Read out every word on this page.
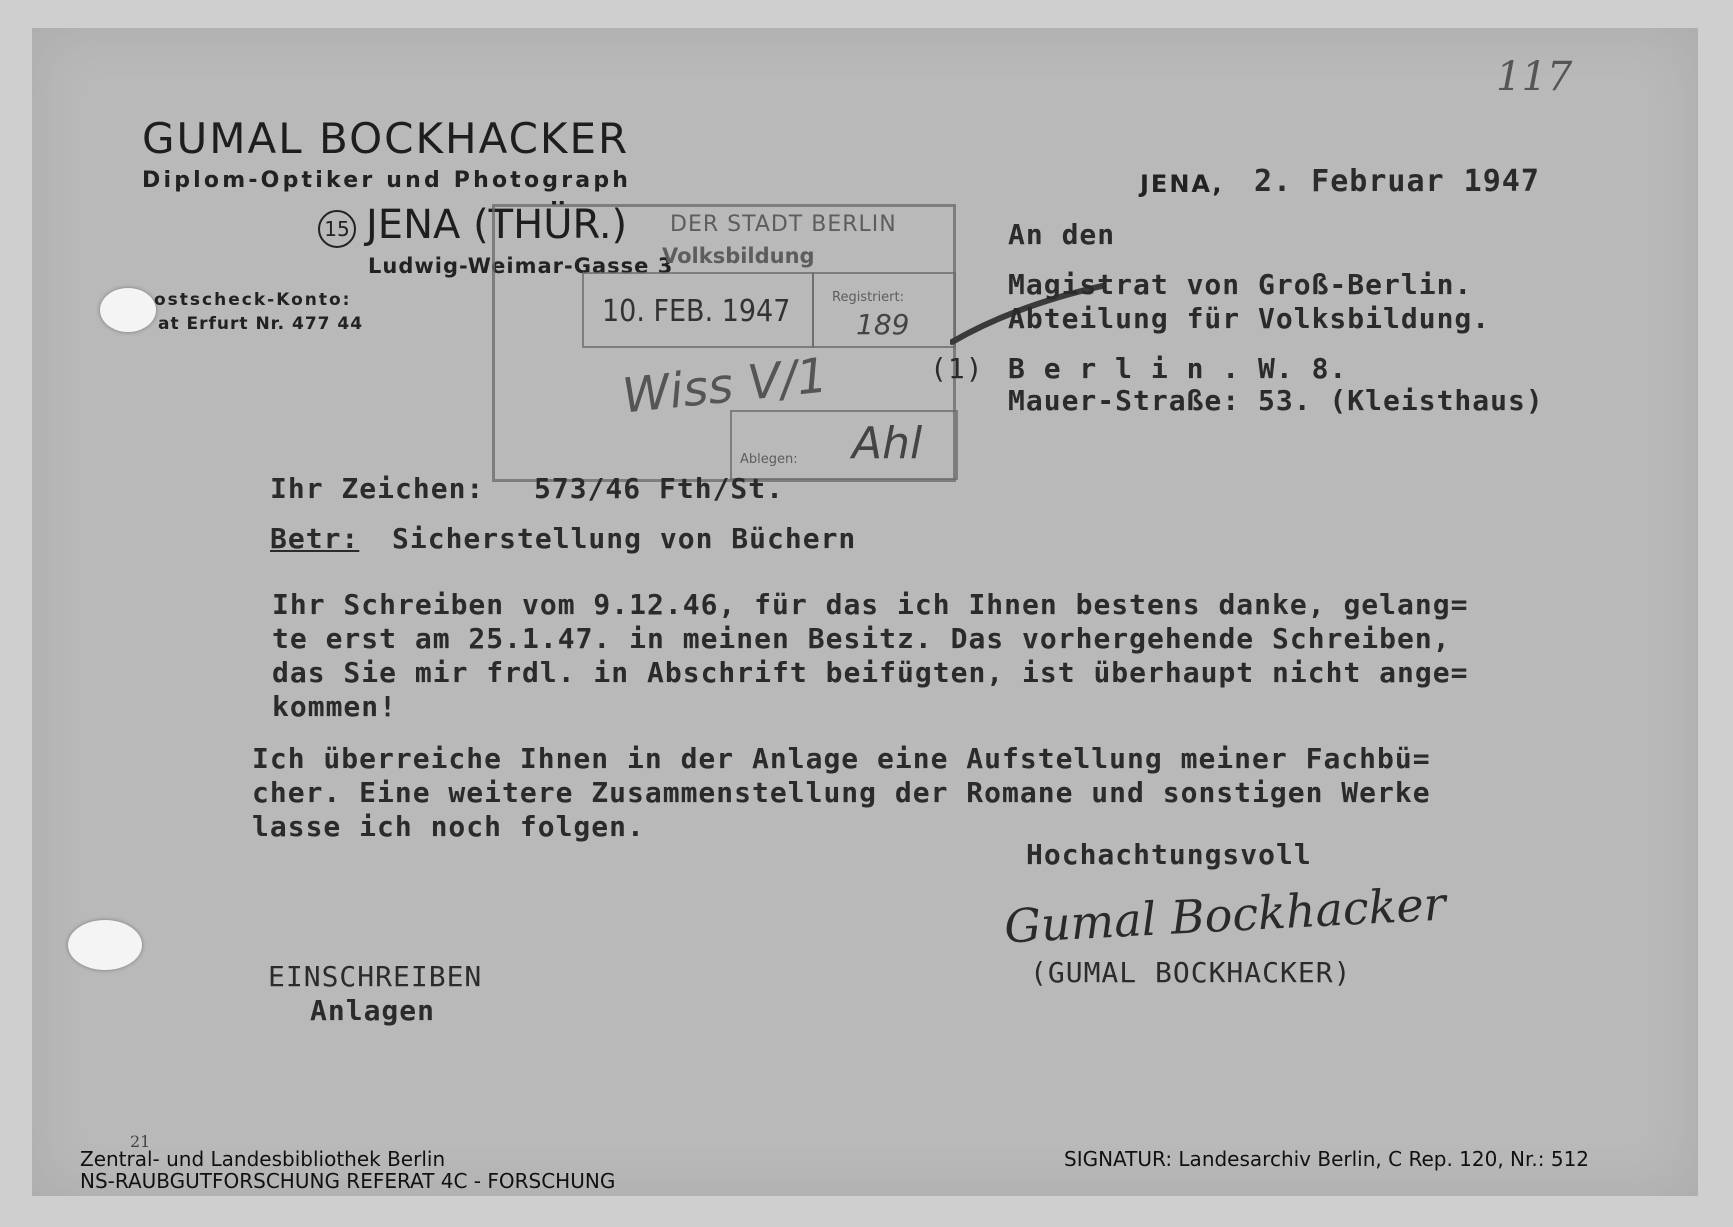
117
GUMAL BOCKHACKER
Diplom-Optiker und Photograph
15 JENA (THÜR.)
Ludwig-Weimar-Gasse 3
ostscheck-Konto:
at Erfurt Nr. 477 44
DER STADT BERLIN
Volksbildung
10. FEB. 1947	Registriert:
189
Wiss V/1
Ablegen: Ahl
JENA, 2. Februar 1947
An den
Magistrat von Groß-Berlin.
Abteilung für Volksbildung.
(1) B e r l i n . W. 8.
Mauer-Straße: 53. (Kleisthaus)
Ihr Zeichen: 573/46 Fth/St.
Betr: Sicherstellung von Büchern
Ihr Schreiben vom 9.12.46, für das ich Ihnen bestens danke, gelang=
te erst am 25.1.47. in meinen Besitz. Das vorhergehende Schreiben,
das Sie mir frdl. in Abschrift beifügten, ist überhaupt nicht ange=
kommen!
Ich überreiche Ihnen in der Anlage eine Aufstellung meiner Fachbü=
cher. Eine weitere Zusammenstellung der Romane und sonstigen Werke
lasse ich noch folgen.
Hochachtungsvoll
Gumal Bockhacker
(GUMAL BOCKHACKER)
EINSCHREIBEN
Anlagen
21
Zentral- und Landesbibliothek Berlin
NS-RAUBGUTFORSCHUNG REFERAT 4C - FORSCHUNG
SIGNATUR: Landesarchiv Berlin, C Rep. 120, Nr.: 512
